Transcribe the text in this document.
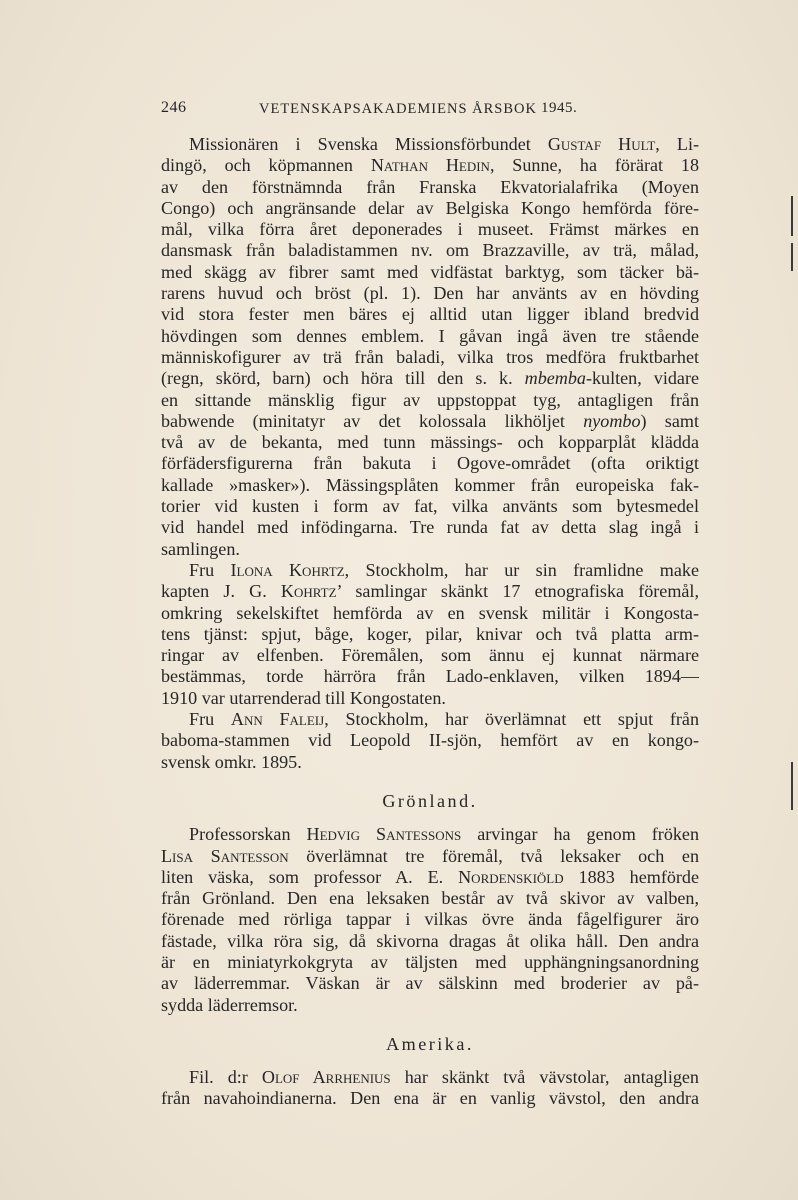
246	VETENSKAPSAKADEMIENS ÅRSBOK 1945.
Missionären i Svenska Missionsförbundet Gustaf Hult, Li-
dingö, och köpmannen Nathan Hedin, Sunne, ha förärat 18
av den förstnämnda från Franska Ekvatorialafrika (Moyen
Congo) och angränsande delar av Belgiska Kongo hemförda före-
mål, vilka förra året deponerades i museet. Främst märkes en
dansmask från baladistammen nv. om Brazzaville, av trä, målad,
med skägg av fibrer samt med vidfästat barktyg, som täcker bä-
rarens huvud och bröst (pl. 1). Den har använts av en hövding
vid stora fester men bäres ej alltid utan ligger ibland bredvid
hövdingen som dennes emblem. I gåvan ingå även tre stående
människofigurer av trä från baladi, vilka tros medföra fruktbarhet
(regn, skörd, barn) och höra till den s. k. mbemba-kulten, vidare
en sittande mänsklig figur av uppstoppat tyg, antagligen från
babwende (minitatyr av det kolossala likhöljet nyombo) samt
två av de bekanta, med tunn mässings- och kopparplåt klädda
förfädersfigurerna från bakuta i Ogove-området (ofta oriktigt
kallade »masker»). Mässingsplåten kommer från europeiska fak-
torier vid kusten i form av fat, vilka använts som bytesmedel
vid handel med infödingarna. Tre runda fat av detta slag ingå i
samlingen.
Fru Ilona Kohrtz, Stockholm, har ur sin framlidne make
kapten J. G. Kohrtz’ samlingar skänkt 17 etnografiska föremål,
omkring sekelskiftet hemförda av en svensk militär i Kongosta-
tens tjänst: spjut, båge, koger, pilar, knivar och två platta arm-
ringar av elfenben. Föremålen, som ännu ej kunnat närmare
bestämmas, torde härröra från Lado-enklaven, vilken 1894—
1910 var utarrenderad till Kongostaten.
Fru Ann Faleij, Stockholm, har överlämnat ett spjut från
baboma-stammen vid Leopold II-sjön, hemfört av en kongo-
svensk omkr. 1895.
Grönland.
Professorskan Hedvig Santessons arvingar ha genom fröken
Lisa Santesson överlämnat tre föremål, två leksaker och en
liten väska, som professor A. E. Nordenskiöld 1883 hemförde
från Grönland. Den ena leksaken består av två skivor av valben,
förenade med rörliga tappar i vilkas övre ända fågelfigurer äro
fästade, vilka röra sig, då skivorna dragas åt olika håll. Den andra
är en miniatyrkokgryta av täljsten med upphängningsanordning
av läderremmar. Väskan är av sälskinn med broderier av på-
sydda läderremsor.
Amerika.
Fil. d:r Olof Arrhenius har skänkt två vävstolar, antagligen
från navahoindianerna. Den ena är en vanlig vävstol, den andra
